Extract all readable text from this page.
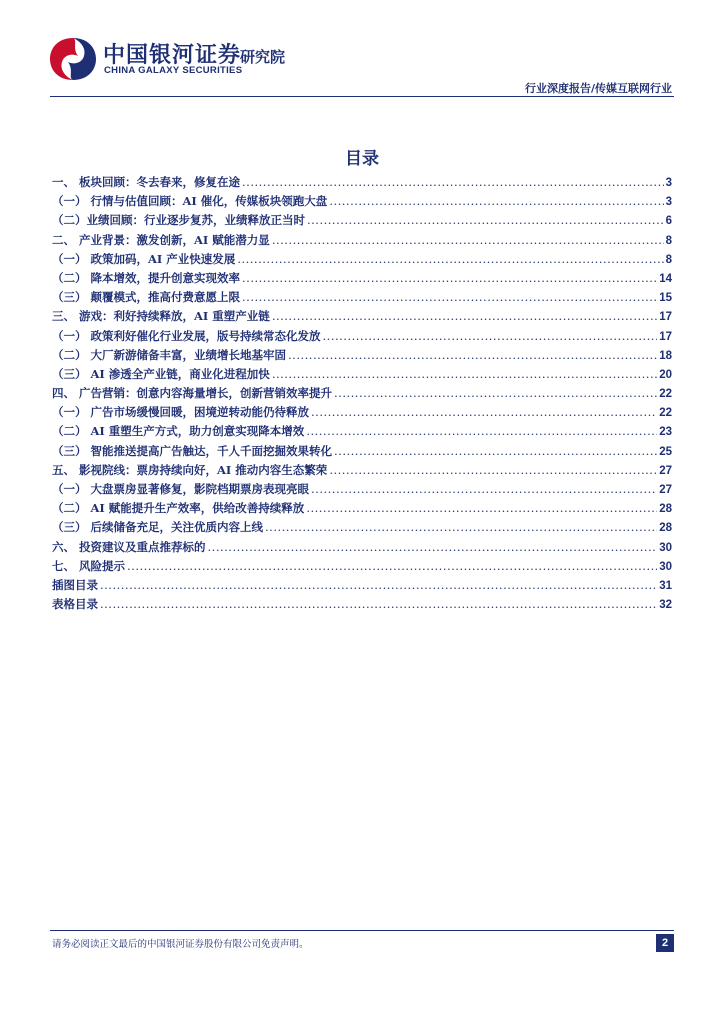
中国银河证券
CHINA GALAXY SECURITIES
研究院
行业深度报告/传媒互联网行业
目录
一、 板块回顾：冬去春来，修复在途 .....	3
（一） 行情与估值回顾：AI 催化，传媒板块领跑大盘 .....	3
（二）业绩回顾：行业逐步复苏，业绩释放正当时 .....	6
二、 产业背景：激发创新，AI 赋能潜力显 .....	8
（一） 政策加码，AI 产业快速发展 .....	8
（二） 降本增效，提升创意实现效率 .....	14
（三） 颠覆模式，推高付费意愿上限 .....	15
三、 游戏：利好持续释放，AI 重塑产业链 .....	17
（一） 政策利好催化行业发展，版号持续常态化发放 .....	17
（二） 大厂新游储备丰富，业绩增长地基牢固 .....	18
（三） AI 渗透全产业链，商业化进程加快 .....	20
四、 广告营销：创意内容海量增长，创新营销效率提升 .....	22
（一） 广告市场缓慢回暖，困境逆转动能仍待释放 .....	22
（二） AI 重塑生产方式，助力创意实现降本增效 .....	23
（三） 智能推送提高广告触达，千人千面挖掘效果转化 .....	25
五、 影视院线：票房持续向好，AI 推动内容生态繁荣 .....	27
（一） 大盘票房显著修复，影院档期票房表现亮眼 .....	27
（二） AI 赋能提升生产效率，供给改善持续释放 .....	28
（三） 后续储备充足，关注优质内容上线 .....	28
六、 投资建议及重点推荐标的 .....	30
七、 风险提示 .....	30
插图目录 .....	31
表格目录 .....	32
请务必阅读正文最后的中国银河证券股份有限公司免责声明。	2
